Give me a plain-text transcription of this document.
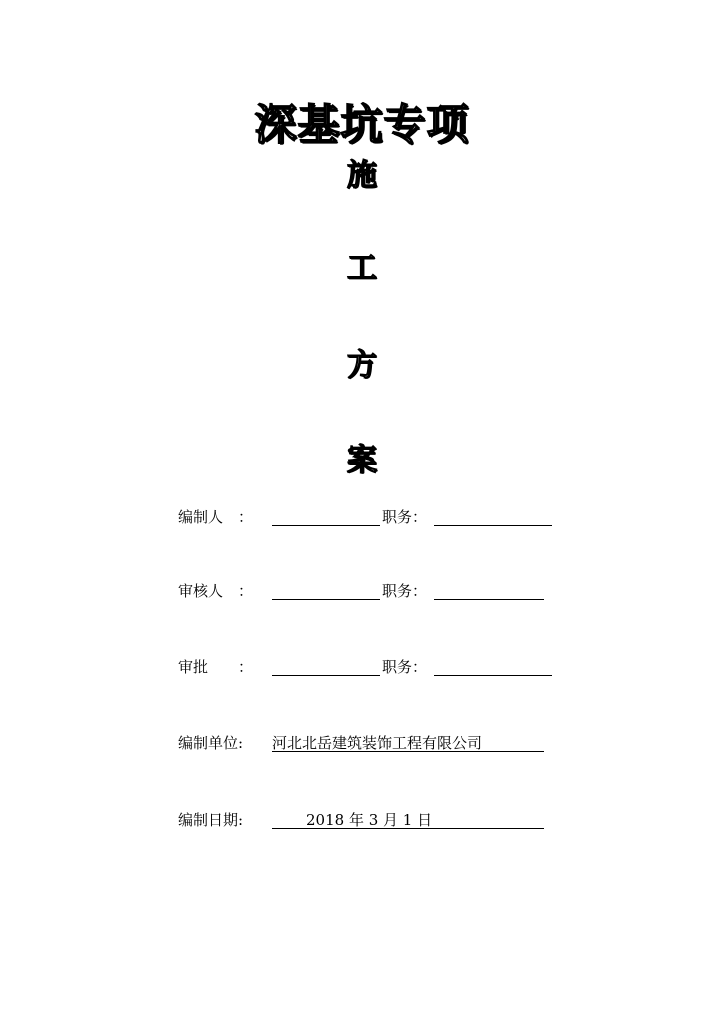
深基坑专项
施
工
方
案
编制人 ：	职务：
审核人 ：	职务：
审批 ：	职务：
编制单位: 河北北岳建筑装饰工程有限公司
编制日期:	2018 年 3 月 1 日
